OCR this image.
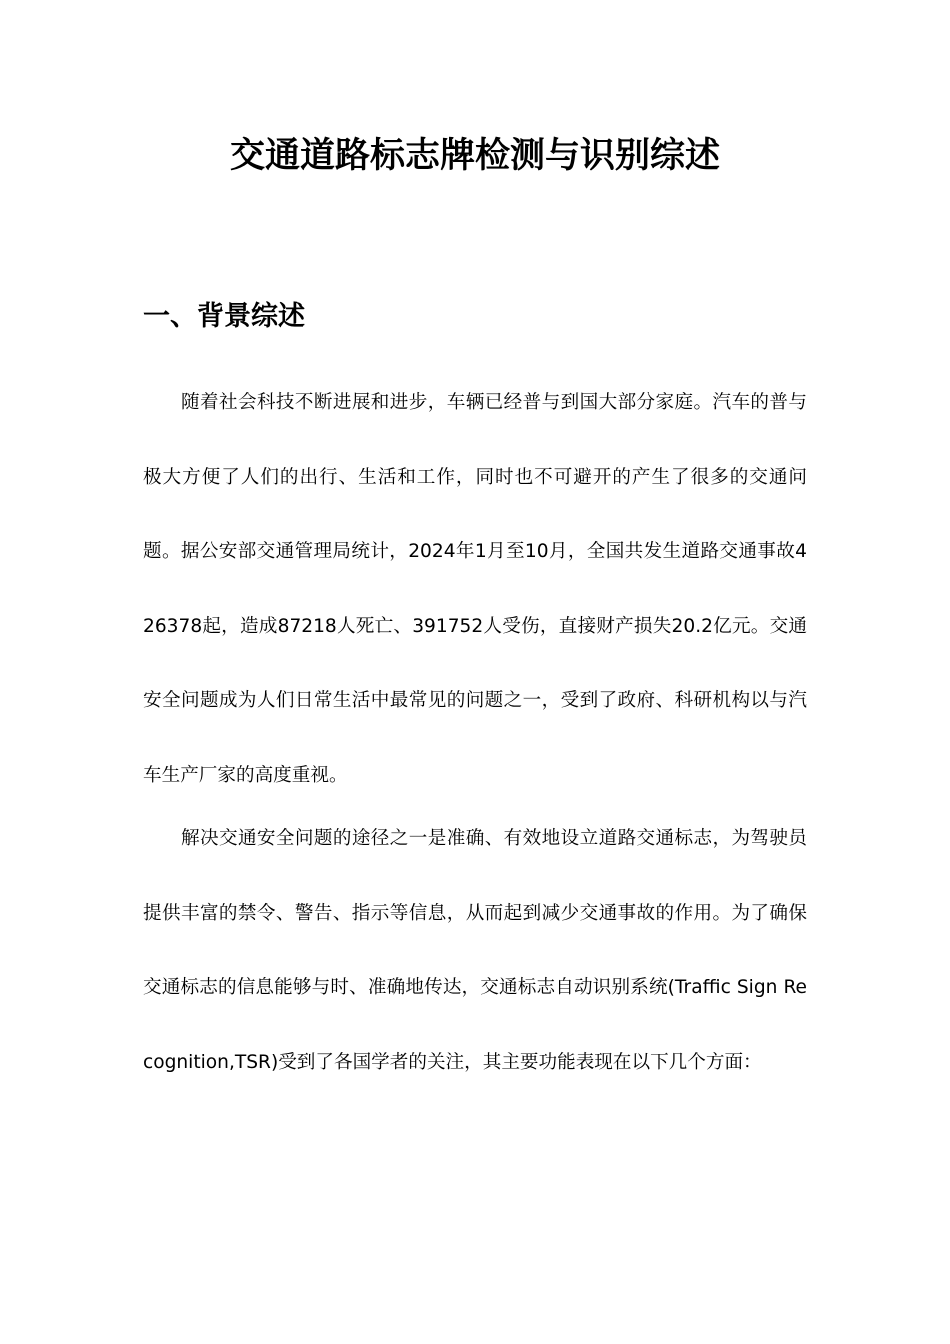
交通道路标志牌检测与识别综述
一、背景综述

随着社会科技不断进展和进步，车辆已经普与到国大部分家庭。汽车的普与极大方便了人们的出行、生活和工作，同时也不可避开的产生了很多的交通问题。据公安部交通管理局统计，2024年1月至10月，全国共发生道路交通事故426378起，造成87218人死亡、391752人受伤，直接财产损失20.2亿元。交通安全问题成为人们日常生活中最常见的问题之一，受到了政府、科研机构以与汽车生产厂家的高度重视。

解决交通安全问题的途径之一是准确、有效地设立道路交通标志，为驾驶员提供丰富的禁令、警告、指示等信息，从而起到减少交通事故的作用。为了确保交通标志的信息能够与时、准确地传达，交通标志自动识别系统(Traffic Sign Recognition,TSR)受到了各国学者的关注，其主要功能表现在以下几个方面：
